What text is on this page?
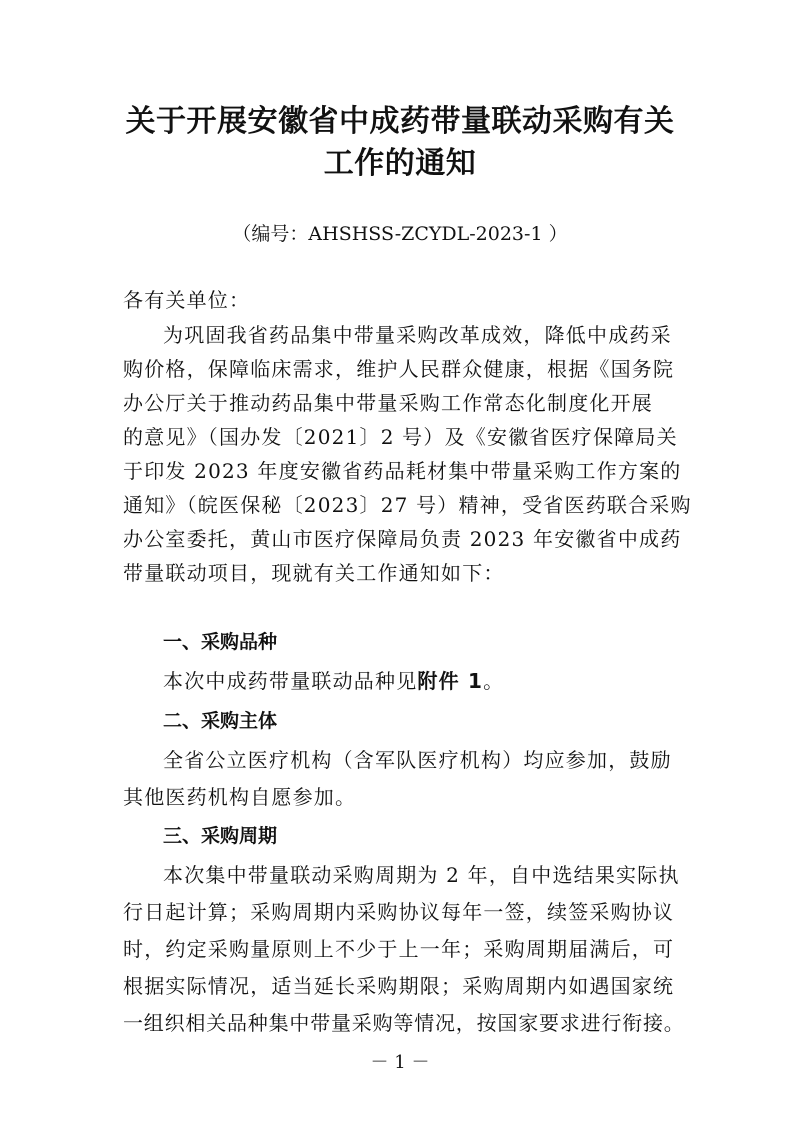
关于开展安徽省中成药带量联动采购有关
工作的通知
（编号：AHSHSS-ZCYDL-2023-1 ）
各有关单位：
为巩固我省药品集中带量采购改革成效，降低中成药采
购价格，保障临床需求，维护人民群众健康，根据《国务院
办公厅关于推动药品集中带量采购工作常态化制度化开展
的意见》（国办发〔2021〕2 号）及《安徽省医疗保障局关
于印发 2023 年度安徽省药品耗材集中带量采购工作方案的
通知》（皖医保秘〔2023〕27 号）精神，受省医药联合采购
办公室委托，黄山市医疗保障局负责 2023 年安徽省中成药
带量联动项目，现就有关工作通知如下：
一、采购品种
本次中成药带量联动品种见附件 1。
二、采购主体
全省公立医疗机构（含军队医疗机构）均应参加，鼓励
其他医药机构自愿参加。
三、采购周期
本次集中带量联动采购周期为 2 年，自中选结果实际执
行日起计算；采购周期内采购协议每年一签，续签采购协议
时，约定采购量原则上不少于上一年；采购周期届满后，可
根据实际情况，适当延长采购期限；采购周期内如遇国家统
一组织相关品种集中带量采购等情况，按国家要求进行衔接。
－ 1 －
